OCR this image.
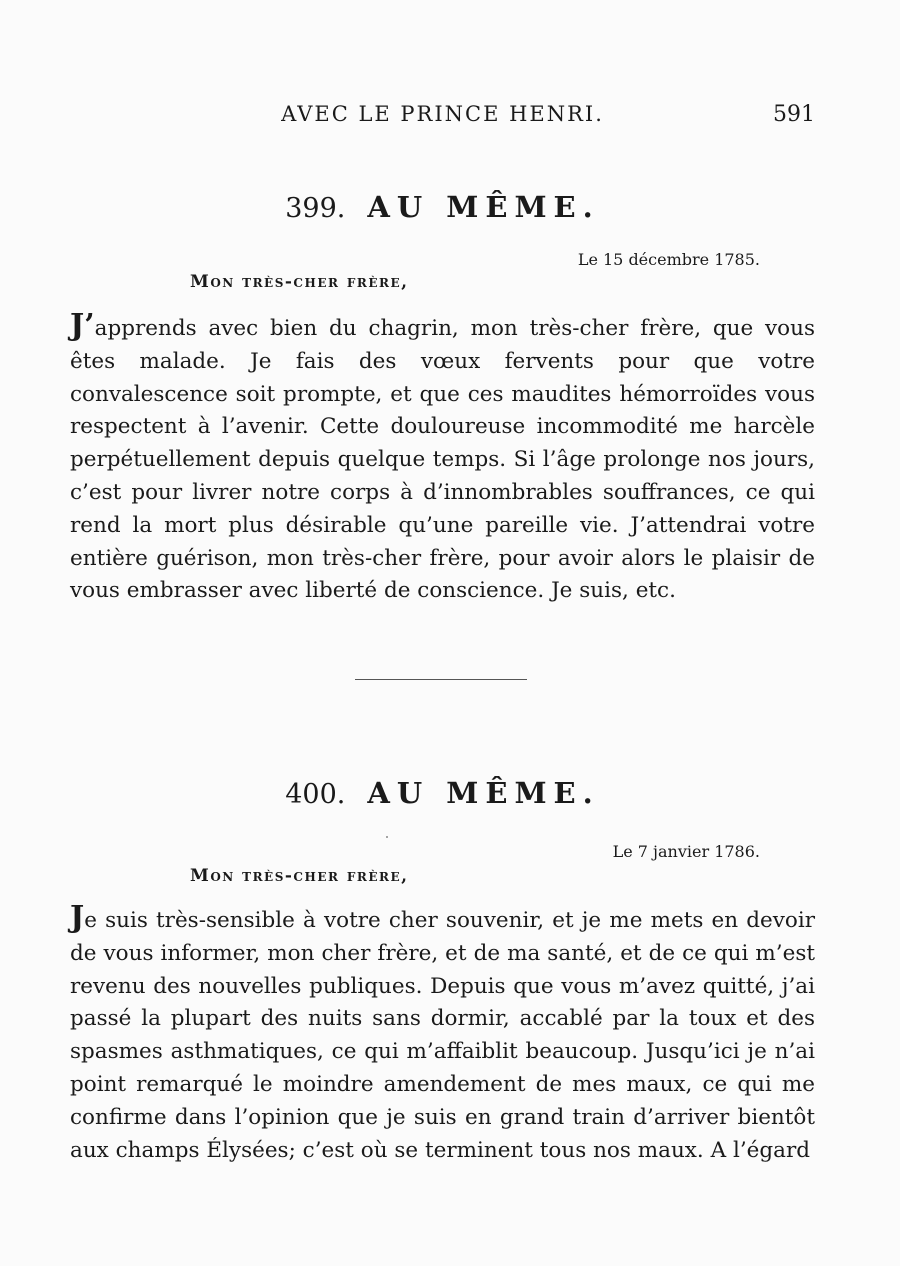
AVEC LE PRINCE HENRI.	591
399. AU MÊME.
Le 15 décembre 1785.
Mon très-cher frère,

J’apprends avec bien du chagrin, mon très-cher frère, que vous êtes malade. Je fais des vœux fervents pour que votre convalescence soit prompte, et que ces maudites hémorroïdes vous respectent à l’avenir. Cette douloureuse incommodité me harcèle perpétuellement depuis quelque temps. Si l’âge prolonge nos jours, c’est pour livrer notre corps à d’innombrables souffrances, ce qui rend la mort plus désirable qu’une pareille vie. J’attendrai votre entière guérison, mon très-cher frère, pour avoir alors le plaisir de vous embrasser avec liberté de conscience. Je suis, etc.

400. AU MÊME.
Le 7 janvier 1786.
Mon très-cher frère,

Je suis très-sensible à votre cher souvenir, et je me mets en devoir de vous informer, mon cher frère, et de ma santé, et de ce qui m’est revenu des nouvelles publiques. Depuis que vous m’avez quitté, j’ai passé la plupart des nuits sans dormir, accablé par la toux et des spasmes asthmatiques, ce qui m’affaiblit beaucoup. Jusqu’ici je n’ai point remarqué le moindre amendement de mes maux, ce qui me confirme dans l’opinion que je suis en grand train d’arriver bientôt aux champs Élysées; c’est où se terminent tous nos maux. A l’égard
